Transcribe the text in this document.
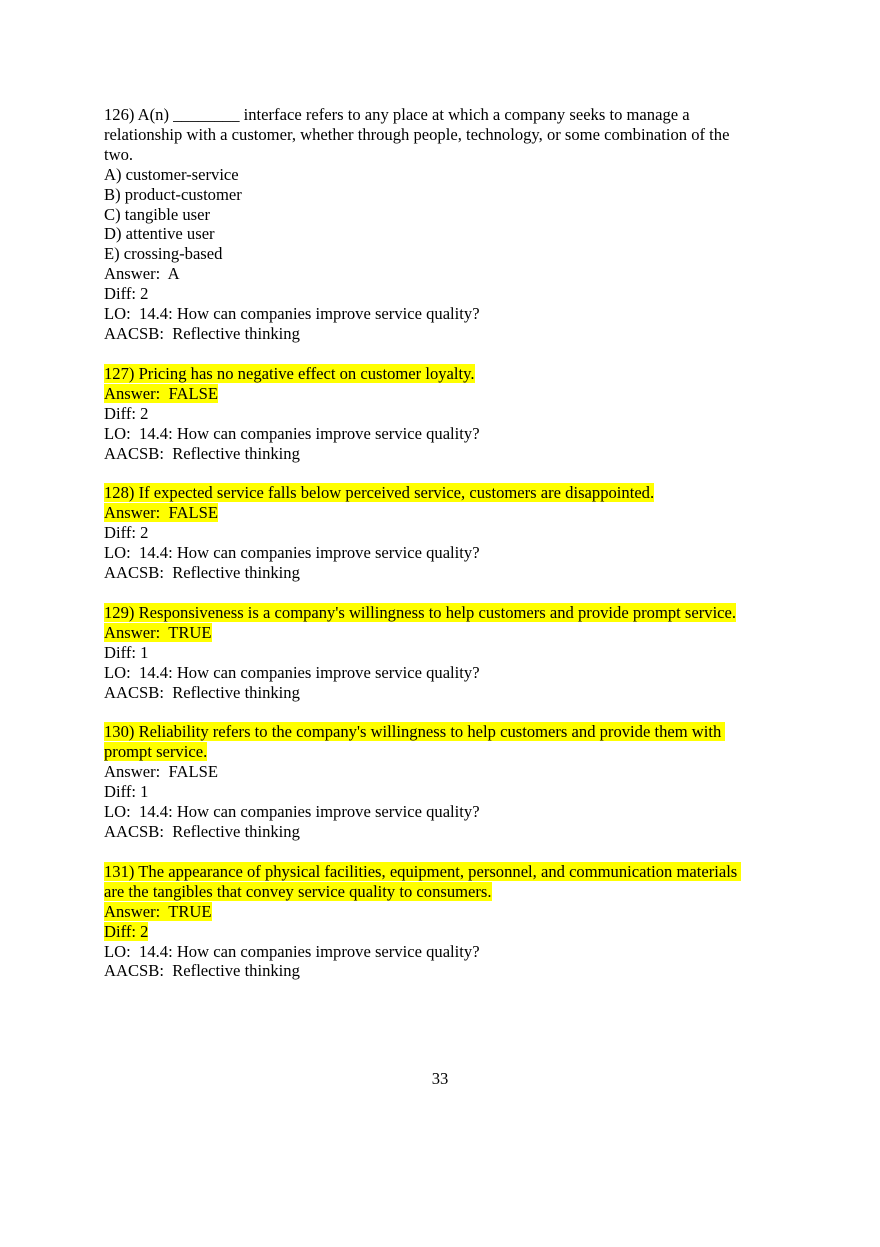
126) A(n) ________ interface refers to any place at which a company seeks to manage a
relationship with a customer, whether through people, technology, or some combination of the
two.
A) customer-service
B) product-customer
C) tangible user
D) attentive user
E) crossing-based
Answer:  A
Diff: 2
LO:  14.4: How can companies improve service quality?
AACSB:  Reflective thinking
127) Pricing has no negative effect on customer loyalty.
Answer:  FALSE
Diff: 2
LO:  14.4: How can companies improve service quality?
AACSB:  Reflective thinking
128) If expected service falls below perceived service, customers are disappointed.
Answer:  FALSE
Diff: 2
LO:  14.4: How can companies improve service quality?
AACSB:  Reflective thinking
129) Responsiveness is a company's willingness to help customers and provide prompt service.
Answer:  TRUE
Diff: 1
LO:  14.4: How can companies improve service quality?
AACSB:  Reflective thinking
130) Reliability refers to the company's willingness to help customers and provide them with
prompt service.
Answer:  FALSE
Diff: 1
LO:  14.4: How can companies improve service quality?
AACSB:  Reflective thinking
131) The appearance of physical facilities, equipment, personnel, and communication materials
are the tangibles that convey service quality to consumers.
Answer:  TRUE
Diff: 2
LO:  14.4: How can companies improve service quality?
AACSB:  Reflective thinking
33
